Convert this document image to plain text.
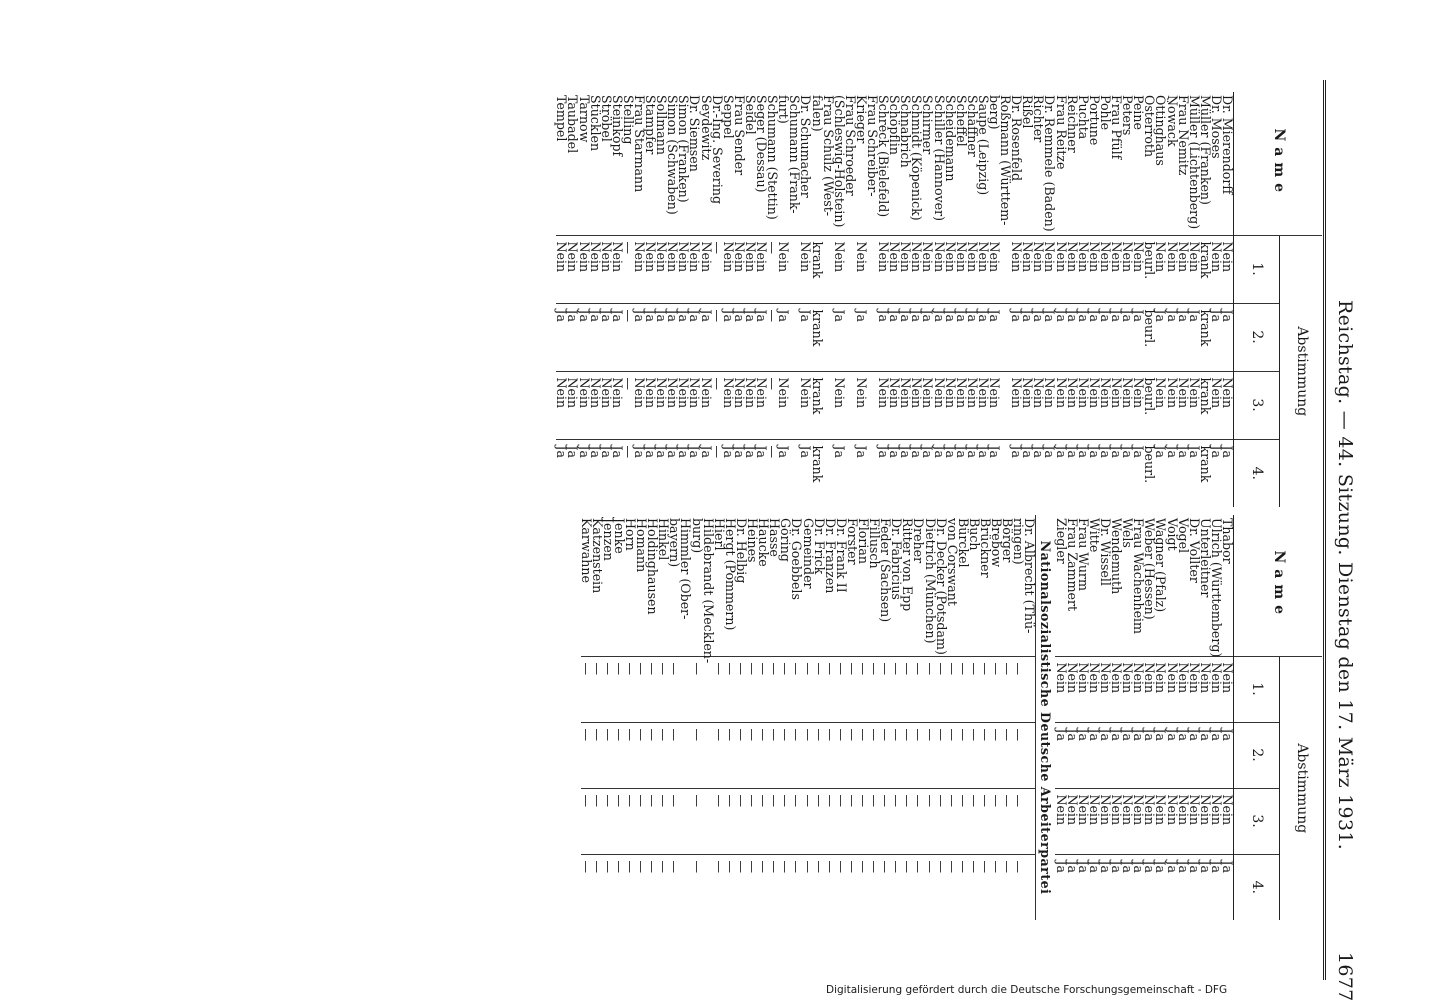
Reichstag. — 44. Sitzung. Dienstag den 17. März 1931.
1677
Name	Abstimmung			
	1.	2.	3.	4.
Dr. Mierendorff	Nein	Ja	Nein	Ja
Dr. Moses	Nein	Ja	Nein	Ja
Müller (Franken)	krank	krank	krank	krank
Müller (Lichtenberg)	Nein	Ja	Nein	Ja
Frau Nemitz	Nein	Ja	Nein	Ja
Nowack	Nein	Ja	Nein	Ja
Öttinghaus	Nein	Ja	Nein	Ja
Osterroth	beurl.	beurl.	beurl.	beurl.
Peine	Nein	Ja	Nein	Ja
Peters	Nein	Ja	Nein	Ja
Frau Pfülf	Nein	Ja	Nein	Ja
Pohle	Nein	Ja	Nein	Ja
Portune	Nein	Ja	Nein	Ja
Puchta	Nein	Ja	Nein	Ja
Reichner	Nein	Ja	Nein	Ja
Frau Reitze	Nein	Ja	Nein	Ja
Dr. Remmele (Baden)	Nein	Ja	Nein	Ja
Richter	Nein	Ja	Nein	Ja
Rißel	Nein	Ja	Nein	Ja
Dr. Rosenfeld	Nein	Ja	Nein	Ja
Roßmann (Württem-				
berg)	Nein	Ja	Nein	Ja
Saupe (Leipzig)	Nein	Ja	Nein	Ja
Schaffner	Nein	Ja	Nein	Ja
Scheffel	Nein	Ja	Nein	Ja
Scheidemann	Nein	Ja	Nein	Ja
Schiller (Hannover)	Nein	Ja	Nein	Ja
Schirmer	Nein	Ja	Nein	Ja
Schmidt (Köpenick)	Nein	Ja	Nein	Ja
Schnabrich	Nein	Ja	Nein	Ja
Schöpflin	Nein	Ja	Nein	Ja
Schreck (Bielefeld)	Nein	Ja	Nein	Ja
Frau Schreiber-				
Krieger	Nein	Ja	Nein	Ja
Frau Schroeder				
(Schleswig-Holstein)	Nein	Ja	Nein	Ja
Frau Schulz (West-				
falen)	krank	krank	krank	krank
Dr. Schumacher	Nein	Ja	Nein	Ja
Schumann (Frank-				
furt)	Nein	Ja	Nein	Ja
Schumann (Stettin)	—	—	—	—
Seger (Dessau)	Nein	Ja	Nein	Ja
Seidel	Nein	Ja	Nein	Ja
Frau Sender	Nein	Ja	Nein	Ja
Seppel	Nein	Ja	Nein	Ja
Dr.-Ing. Severing	—	—	—	—
Seydewitz	Nein	Ja	Nein	Ja
Dr. Siemsen	Nein	Ja	Nein	Ja
Simon (Franken)	Nein	Ja	Nein	Ja
Simon (Schwaben)	Nein	Ja	Nein	Ja
Sollmann	Nein	Ja	Nein	Ja
Stampfer	Nein	Ja	Nein	Ja
Frau Starmann	Nein	Ja	Nein	Ja
Stelling	—	—	—	—
Steinkopf	Nein	Ja	Nein	Ja
Ströbel	Nein	Ja	Nein	Ja
Stücklen	Nein	Ja	Nein	Ja
Tarnow	Nein	Ja	Nein	Ja
Taubadel	Nein	Ja	Nein	Ja
Tempel	Nein	Ja	Nein	Ja
Name	Abstimmung			
	1.	2.	3.	4.
Thabor	Nein	Ja	Nein	Ja
Ulrich (Württemberg)	Nein	Ja	Nein	Ja
Unterleitner	Nein	Ja	Nein	Ja
Dr. Vollter	Nein	Ja	Nein	Ja
Vogel	Nein	Ja	Nein	Ja
Voigt	Nein	Ja	Nein	Ja
Wagner (Pfalz)	Nein	Ja	Nein	Ja
Weber (Hessen)	Nein	Ja	Nein	Ja
Frau Wachenheim	Nein	Ja	Nein	Ja
Wels	Nein	Ja	Nein	Ja
Wendemuth	Nein	Ja	Nein	Ja
Dr. Wissell	Nein	Ja	Nein	Ja
Witte	Nein	Ja	Nein	Ja
Frau Wurm	Nein	Ja	Nein	Ja
Frau Zammert	Nein	Ja	Nein	Ja
Ziegler	Nein	Ja	Nein	Ja

Nationalsozialistische Deutsche Arbeiterpartei				
Dr. Albrecht (Thü-				
ringen)	—	—	—	—
Börger	—	—	—	—
Brebow	—	—	—	—
Brückner	—	—	—	—
Buch	—	—	—	—
Bürckel	—	—	—	—
von Corswant	—	—	—	—
Dr. Decker (Potsdam)	—	—	—	—
Dietrich (München)	—	—	—	—
Dreher	—	—	—	—
Ritter von Epp	—	—	—	—
Dr. Fabricius	—	—	—	—
Feder (Sachsen)	—	—	—	—
Fillusch	—	—	—	—
Florian	—	—	—	—
Forster	—	—	—	—
Dr. Frank II	—	—	—	—
Dr. Franzen	—	—	—	—
Dr. Frick	—	—	—	—
Gemeinder	—	—	—	—
Dr. Goebbels	—	—	—	—
Göring	—	—	—	—
Hasse	—	—	—	—
Haucke	—	—	—	—
Heines	—	—	—	—
Dr. Helbig	—	—	—	—
Hergt (Pommern)	—	—	—	—
Hierl	—	—	—	—
Hildebrandt (Mecklen-				
burg)	—	—	—	—
Himmler (Ober-				
bayern)	—	—	—	—
Hinkel	—	—	—	—
Holdinghausen	—	—	—	—
Homann	—	—	—	—
Horn	—	—	—	—
Jenke	—	—	—	—
Jenzen	—	—	—	—
Katzenstein	—	—	—	—
Karwahne	—	—	—	—
Digitalisierung gefördert durch die Deutsche Forschungsgemeinschaft - DFG
